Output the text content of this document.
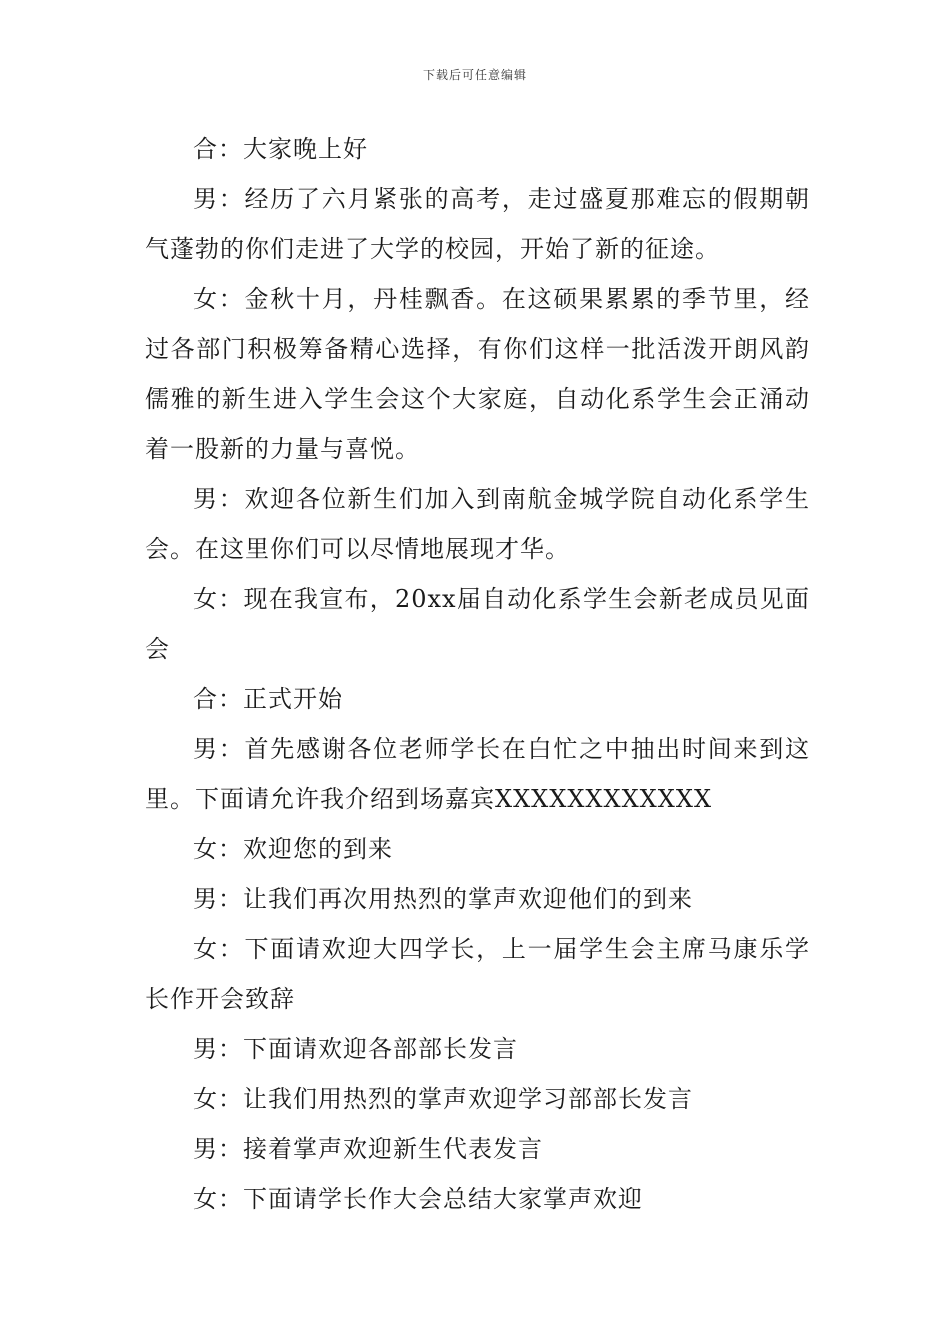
下载后可任意编辑

合：大家晚上好

男：经历了六月紧张的高考，走过盛夏那难忘的假期朝气蓬勃的你们走进了大学的校园，开始了新的征途。

女：金秋十月，丹桂飘香。在这硕果累累的季节里，经过各部门积极筹备精心选择，有你们这样一批活泼开朗风韵儒雅的新生进入学生会这个大家庭，自动化系学生会正涌动着一股新的力量与喜悦。

男：欢迎各位新生们加入到南航金城学院自动化系学生会。在这里你们可以尽情地展现才华。

女：现在我宣布，20xx届自动化系学生会新老成员见面会

合：正式开始

男：首先感谢各位老师学长在白忙之中抽出时间来到这里。下面请允许我介绍到场嘉宾XXXXXXXXXXXX

女：欢迎您的到来

男：让我们再次用热烈的掌声欢迎他们的到来

女：下面请欢迎大四学长，上一届学生会主席马康乐学长作开会致辞

男：下面请欢迎各部部长发言

女：让我们用热烈的掌声欢迎学习部部长发言

男：接着掌声欢迎新生代表发言

女：下面请学长作大会总结大家掌声欢迎
